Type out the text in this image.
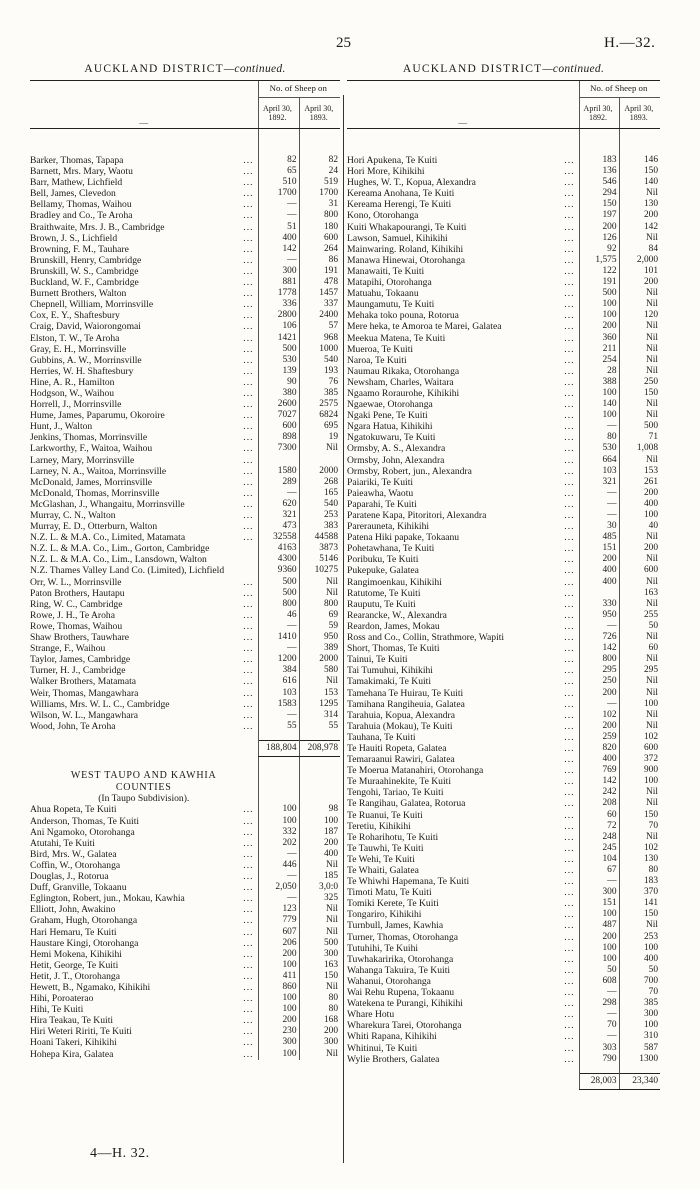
25	H.—32.
AUCKLAND DISTRICT—continued.
—	No. of Sheep on	
	April 30, 1892.	April 30, 1893.

...
Barker, Thomas, Tapapa	82	82

...
Barnett, Mrs. Mary, Waotu	65	24

...
Barr, Mathew, Lichfield	510	519

...
Bell, James, Clevedon	1700	1700

...
Bellamy, Thomas, Waihou	—	31

...
Bradley and Co., Te Aroha	—	800

...
Braithwaite, Mrs. J. B., Cambridge	51	180

...
Brown, J. S., Lichfield	400	600

...
Browning, F. M., Tauhare	142	264

...
Brunskill, Henry, Cambridge	—	86

...
Brunskill, W. S., Cambridge	300	191

...
Buckland, W. F., Cambridge	881	478

...
Burnett Brothers, Walton	1778	1457

...
Chepnell, William, Morrinsville	336	337

...
Cox, E. Y., Shaftesbury	2800	2400

...
Craig, David, Waiorongomai	106	57

...
Elston, T. W., Te Aroha	1421	968

...
Gray, E. H., Morrinsville	500	1000

...
Gubbins, A. W., Morrinsville	530	540

...
Herries, W. H. Shaftesbury	139	193

...
Hine, A. R., Hamilton	90	76

...
Hodgson, W., Waihou	380	385

...
Horrell, J., Morrinsville	2600	2575

...
Hume, James, Paparumu, Okoroire	7027	6824

...
Hunt, J., Walton	600	695

...
Jenkins, Thomas, Morrinsville	898	19

...
Larkworthy, F., Waitoa, Waihou	7300	Nil

...
Larney, Mary, Morrinsville		

...
Larney, N. A., Waitoa, Morrinsville	1580	2000

...
McDonald, James, Morrinsville	289	268

...
McDonald, Thomas, Morrinsville	—	165

...
McGlashan, J., Whangaitu, Morrinsville	620	540

...
Murray, C. N., Walton	321	253

...
Murray, E. D., Otterburn, Walton	473	383

...
N.Z. L. & M.A. Co., Limited, Matamata	32558	44588
N.Z. L. & M.A. Co., Lim., Gorton, Cambridge	4163	3873
N.Z. L. & M.A. Co., Lim., Lansdown, Walton	4300	5146
N.Z. Thames Valley Land Co. (Limited), Lichfield	9360	10275

...
Orr, W. L., Morrinsville	500	Nil

...
Paton Brothers, Hautapu	500	Nil

...
Ring, W. C., Cambridge	800	800

...
Rowe, J. H., Te Aroha	46	69

...
Rowe, Thomas, Waihou	—	59

...
Shaw Brothers, Tauwhare	1410	950

...
Strange, F., Waihou	—	389

...
Taylor, James, Cambridge	1200	2000

...
Turner, H. J., Cambridge	384	580

...
Walker Brothers, Matamata	616	Nil

...
Weir, Thomas, Mangawhara	103	153

...
Williams, Mrs. W. L. C., Cambridge	1583	1295

...
Wilson, W. L., Mangawhara	—	314

...
Wood, John, Te Aroha	55	55

	188,804	208,978

WEST TAUPO AND KAWHIA
COUNTIES
(In Taupo Subdivision).		

...
Ahua Ropeta, Te Kuiti	100	98

...
Anderson, Thomas, Te Kuiti	100	100

...
Ani Ngamoko, Otorohanga	332	187

...
Atutahi, Te Kuiti	202	200

...
Bird, Mrs. W., Galatea	—	400

...
Coffin, W., Otorohanga	446	Nil

...
Douglas, J., Rotorua	—	185

...
Duff, Granville, Tokaanu	2,050	3,0:0

...
Eglington, Robert, jun., Mokau, Kawhia	—	325

...
Elliott, John, Awakino	123	Nil

...
Graham, Hugh, Otorohanga	779	Nil

...
Hari Hemaru, Te Kuiti	607	Nil

...
Haustare Kingi, Otorohanga	206	500

...
Hemi Mokena, Kihikihi	200	300

...
Hetit, George, Te Kuiti	100	163

...
Hetit, J. T., Otorohanga	411	150

...
Hewett, B., Ngamako, Kihikihi	860	Nil

...
Hihi, Poroaterao	100	80

...
Hihi, Te Kuiti	100	80

...
Hira Teakau, Te Kuiti	200	168

...
Hiri Weteri Ririti, Te Kuiti	230	200

...
Hoani Takeri, Kihikihi	300	300

...
Hohepa Kira, Galatea	100	Nil
AUCKLAND DISTRICT—continued.
—	No. of Sheep on	
	April 30, 1892.	April 30, 1893.

...
Hori Apukena, Te Kuiti	183	146

...
Hori More, Kihikihi	136	150

...
Hughes, W. T., Kopua, Alexandra	546	140

...
Kereama Anohana, Te Kuiti	294	Nil

...
Kereama Herengi, Te Kuiti	150	130

...
Kono, Otorohanga	197	200

...
Kuiti Whakapourangi, Te Kuiti	200	142

...
Lawson, Samuel, Kihikihi	126	Nil

...
Mainwaring. Roland, Kihikihi	92	84

...
Manawa Hinewai, Otorohanga	1,575	2,000

...
Manawaiti, Te Kuiti	122	101

...
Matapihi, Otorohanga	191	200

...
Matuahu, Tokaanu	500	Nil

...
Maungamutu, Te Kuiti	100	Nil

...
Mehaka toko pouna, Rotorua	100	120

...
Mere heka, te Amoroa te Marei, Galatea	200	Nil

...
Meekua Matena, Te Kuiti	360	Nil

...
Mueroa, Te Kuiti	211	Nil

...
Naroa, Te Kuiti	254	Nil

...
Naumau Rikaka, Otorohanga	28	Nil

...
Newsham, Charles, Waitara	388	250

...
Ngaamo Roraurohe, Kihikihi	100	150

...
Ngaewae, Otorohanga	140	Nil

...
Ngaki Pene, Te Kuiti	100	Nil

...
Ngara Hatua, Kihikihi	—	500

...
Ngatokuwaru, Te Kuiti	80	71

...
Ormsby, A. S., Alexandra	530	1,008

...
Ormsby, John, Alexandra	664	Nil

...
Ormsby, Robert, jun., Alexandra	103	153

...
Paiariki, Te Kuiti	321	261

...
Paieawha, Waotu	—	200

...
Paparahi, Te Kuiti	—	400

...
Paratene Kapa, Pitoritori, Alexandra	—	100

...
Parerauneta, Kihikihi	30	40

...
Patena Hiki papake, Tokaanu	485	Nil

...
Pohetawhana, Te Kuiti	151	200

...
Poribuku, Te Kuiti	200	Nil

...
Pukepuke, Galatea	400	600

...
Rangimoenkau, Kihikihi	400	Nil

...
Ratutome, Te Kuiti		163

...
Rauputu, Te Kuiti	330	Nil

...
Rearancke, W., Alexandra	950	255

...
Reardon, James, Mokau	—	50

...
Ross and Co., Collin, Strathmore, Wapiti	726	Nil

...
Short, Thomas, Te Kuiti	142	60

...
Tainui, Te Kuiti	800	Nil

...
Tai Tumuhui, Kihikihi	295	295

...
Tamakimaki, Te Kuiti	250	Nil

...
Tamehana Te Huirau, Te Kuiti	200	Nil

...
Tamihana Rangiheuia, Galatea	—	100

...
Tarahuia, Kopua, Alexandra	102	Nil

...
Tarahuia (Mokau), Te Kuiti	200	Nil

...
Tauhana, Te Kuiti	259	102

...
Te Hauiti Ropeta, Galatea	820	600

...
Temaraanui Rawiri, Galatea	400	372

...
Te Moerua Matanahiri, Otorohanga	769	900

...
Te Muraahinekite, Te Kuiti	142	100

...
Tengohi, Tariao, Te Kuiti	242	Nil

...
Te Rangihau, Galatea, Rotorua	208	Nil

...
Te Ruanui, Te Kuiti	60	150

...
Teretiu, Kihikihi	72	70

...
Te Roharihotu, Te Kuiti	248	Nil

...
Te Tauwhi, Te Kuiti	245	102

...
Te Wehi, Te Kuiti	104	130

...
Te Whaiti, Galatea	67	80

...
Te Whiwhi Hapemana, Te Kuiti	—	183

...
Timoti Matu, Te Kuiti	300	370

...
Tomiki Kerete, Te Kuiti	151	141

...
Tongariro, Kihikihi	100	150

...
Turnbull, James, Kawhia	487	Nil

...
Turner, Thomas, Otorohanga	200	253

...
Tutuhihi, Te Kuihi	100	100

...
Tuwhakaririka, Otorohanga	100	400

...
Wahanga Takuira, Te Kuiti	50	50

...
Wahanui, Otorohanga	608	700

...
Wai Rehu Rupena, Tokaanu	—	70

...
Watekena te Purangi, Kihikihi	298	385

...
Whare Hotu	—	300

...
Wharekura Tarei, Otorohanga	70	100

...
Whiti Rapana, Kihikihi	—	310

...
Whitinui, Te Kuiti	303	587

...
Wylie Brothers, Galatea	790	1300

	28,003	23,340
4—H. 32.
